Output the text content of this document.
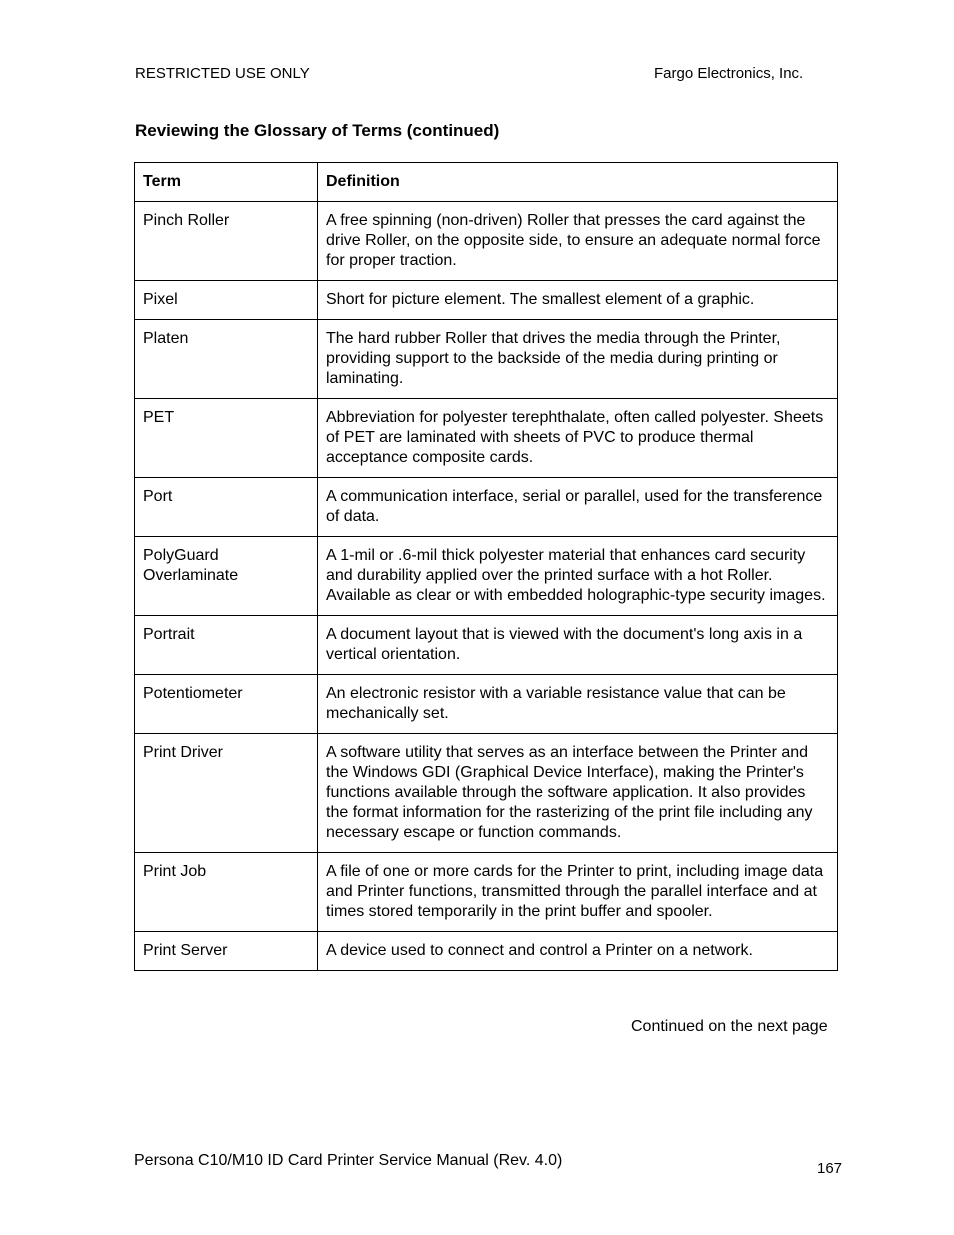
RESTRICTED USE ONLY	Fargo Electronics, Inc.
Reviewing the Glossary of Terms (continued)
Term	Definition
Pinch Roller	A free spinning (non-driven) Roller that presses the card against the drive Roller, on the opposite side, to ensure an adequate normal force for proper traction.
Pixel	Short for picture element. The smallest element of a graphic.
Platen	The hard rubber Roller that drives the media through the Printer, providing support to the backside of the media during printing or laminating.
PET	Abbreviation for polyester terephthalate, often called polyester. Sheets of PET are laminated with sheets of PVC to produce thermal acceptance composite cards.
Port	A communication interface, serial or parallel, used for the transference of data.
PolyGuard Overlaminate	A 1-mil or .6-mil thick polyester material that enhances card security and durability applied over the printed surface with a hot Roller. Available as clear or with embedded holographic-type security images.
Portrait	A document layout that is viewed with the document's long axis in a vertical orientation.
Potentiometer	An electronic resistor with a variable resistance value that can be mechanically set.
Print Driver	A software utility that serves as an interface between the Printer and the Windows GDI (Graphical Device Interface), making the Printer's functions available through the software application. It also provides the format information for the rasterizing of the print file including any necessary escape or function commands.
Print Job	A file of one or more cards for the Printer to print, including image data and Printer functions, transmitted through the parallel interface and at times stored temporarily in the print buffer and spooler.
Print Server	A device used to connect and control a Printer on a network.
Continued on the next page
Persona C10/M10 ID Card Printer Service Manual (Rev. 4.0)	167
